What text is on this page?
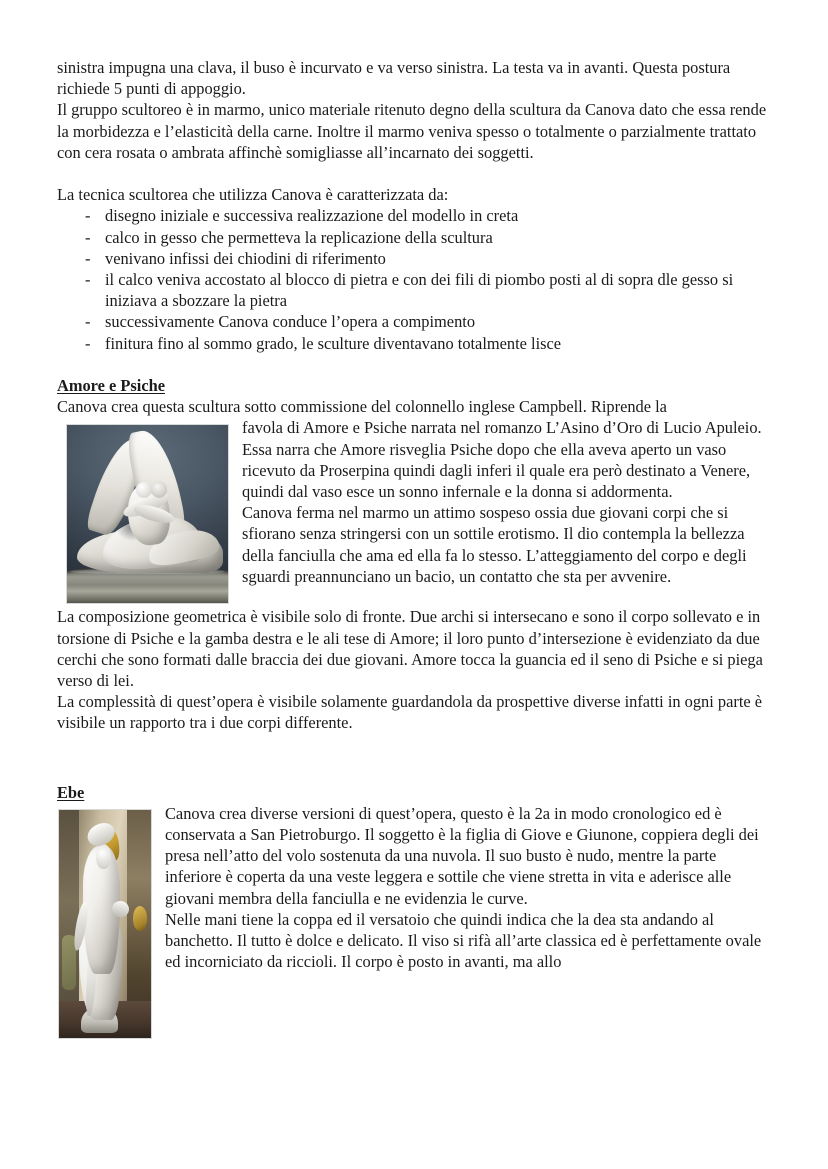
sinistra impugna una clava, il buso è incurvato e va verso sinistra. La testa va in avanti. Questa postura richiede 5 punti di appoggio.

Il gruppo scultoreo è in marmo, unico materiale ritenuto degno della scultura da Canova dato che essa rende la morbidezza e l’elasticità della carne. Inoltre il marmo veniva spesso o totalmente o parzialmente trattato con cera rosata o ambrata affinchè somigliasse all’incarnato dei soggetti.

La tecnica scultorea che utilizza Canova è caratterizzata da:

- disegno iniziale e successiva realizzazione del modello in creta
- calco in gesso che permetteva la replicazione della scultura
- venivano infissi dei chiodini di riferimento
- il calco veniva accostato al blocco di pietra e con dei fili di piombo posti al di sopra dle gesso si iniziava a sbozzare la pietra
- successivamente Canova conduce l’opera a compimento
- finitura fino al sommo grado, le sculture diventavano totalmente lisce
Amore e Psiche

Canova crea questa scultura sotto commissione del colonnello inglese Campbell. Riprende la

favola di Amore e Psiche narrata nel romanzo L’Asino d’Oro di Lucio Apuleio. Essa narra che Amore risveglia Psiche dopo che ella aveva aperto un vaso ricevuto da Proserpina quindi dagli inferi il quale era però destinato a Venere, quindi dal vaso esce un sonno infernale e la donna si addormenta.

Canova ferma nel marmo un attimo sospeso ossia due giovani corpi che si sfiorano senza stringersi con un sottile erotismo. Il dio contempla la bellezza della fanciulla che ama ed ella fa lo stesso. L’atteggiamento del corpo e degli sguardi preannunciano un bacio, un contatto che sta per avvenire.

La composizione geometrica è visibile solo di fronte. Due archi si intersecano e sono il corpo sollevato e in torsione di Psiche e la gamba destra e le ali tese di Amore; il loro punto d’intersezione è evidenziato da due cerchi che sono formati dalle braccia dei due giovani. Amore tocca la guancia ed il seno di Psiche e si piega verso di lei.

La complessità di quest’opera è visibile solamente guardandola da prospettive diverse infatti in ogni parte è visibile un rapporto tra i due corpi differente.

Ebe

Canova crea diverse versioni di quest’opera, questo è la 2a in modo cronologico ed è conservata a San Pietroburgo. Il soggetto è la figlia di Giove e Giunone, coppiera degli dei presa nell’atto del volo sostenuta da una nuvola. Il suo busto è nudo, mentre la parte inferiore è coperta da una veste leggera e sottile che viene stretta in vita e aderisce alle giovani membra della fanciulla e ne evidenzia le curve.

Nelle mani tiene la coppa ed il versatoio che quindi indica che la dea sta andando al banchetto. Il tutto è dolce e delicato. Il viso si rifà all’arte classica ed è perfettamente ovale ed incorniciato da riccioli. Il corpo è posto in avanti, ma allo
